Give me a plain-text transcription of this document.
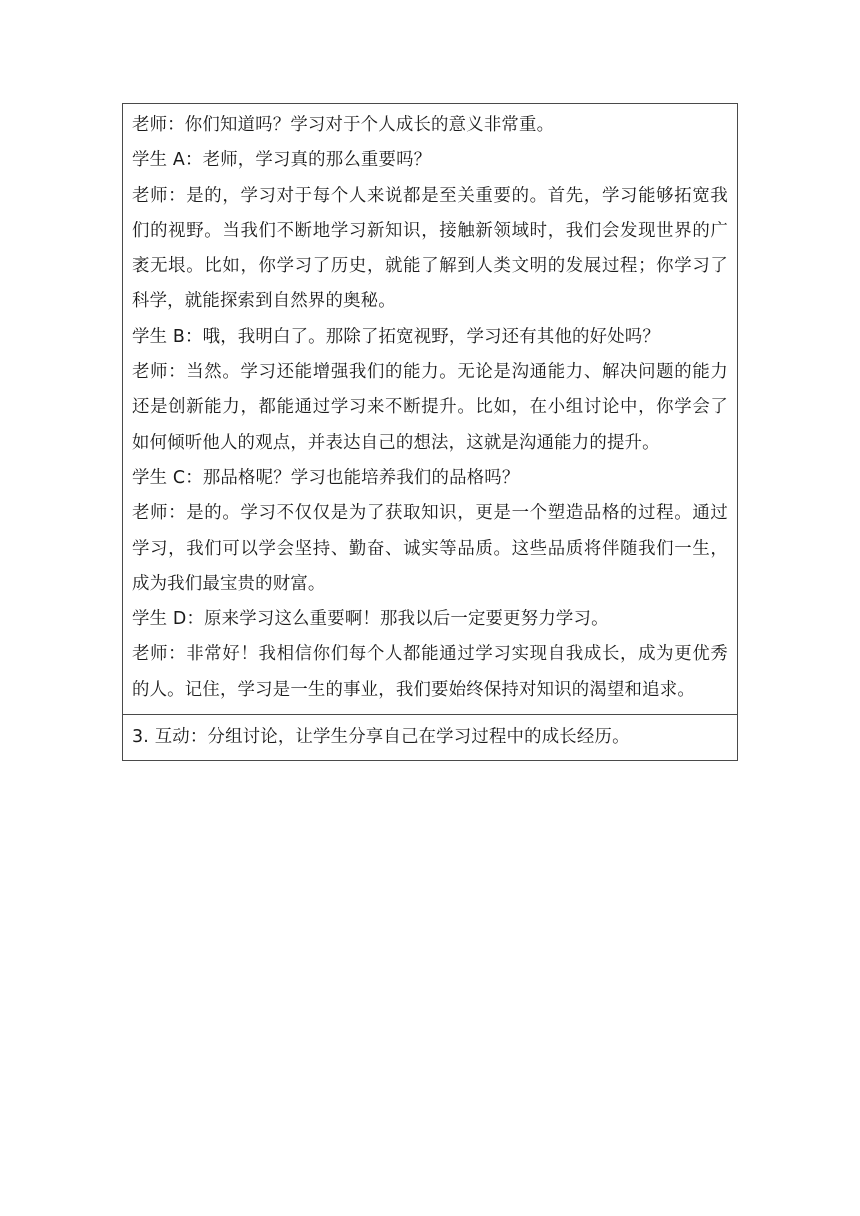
老师：你们知道吗？学习对于个人成长的意义非常重。

学生 A：老师，学习真的那么重要吗？

老师：是的，学习对于每个人来说都是至关重要的。首先，学习能够拓宽我们的视野。当我们不断地学习新知识，接触新领域时，我们会发现世界的广袤无垠。比如，你学习了历史，就能了解到人类文明的发展过程；你学习了科学，就能探索到自然界的奥秘。

学生 B：哦，我明白了。那除了拓宽视野，学习还有其他的好处吗？

老师：当然。学习还能增强我们的能力。无论是沟通能力、解决问题的能力还是创新能力，都能通过学习来不断提升。比如，在小组讨论中，你学会了如何倾听他人的观点，并表达自己的想法，这就是沟通能力的提升。

学生 C：那品格呢？学习也能培养我们的品格吗？

老师：是的。学习不仅仅是为了获取知识，更是一个塑造品格的过程。通过学习，我们可以学会坚持、勤奋、诚实等品质。这些品质将伴随我们一生，成为我们最宝贵的财富。

学生 D：原来学习这么重要啊！那我以后一定要更努力学习。

老师：非常好！我相信你们每个人都能通过学习实现自我成长，成为更优秀的人。记住，学习是一生的事业，我们要始终保持对知识的渴望和追求。

3. 互动：分组讨论，让学生分享自己在学习过程中的成长经历。
